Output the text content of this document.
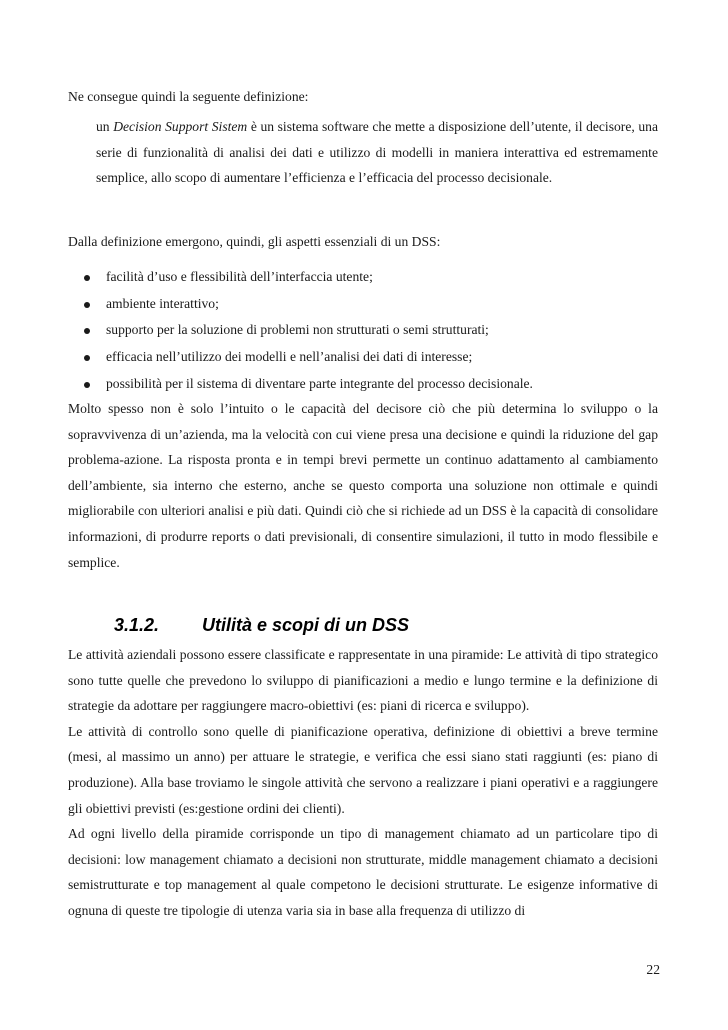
Ne consegue quindi la seguente definizione:

un Decision Support Sistem è un sistema software che mette a disposizione dell’utente, il decisore, una serie di funzionalità di analisi dei dati e utilizzo di modelli in maniera interattiva ed estremamente semplice, allo scopo di aumentare l’efficienza e l’efficacia del processo decisionale.

Dalla definizione emergono, quindi, gli aspetti essenziali di un DSS:

facilità d’uso e flessibilità dell’interfaccia utente;
ambiente interattivo;
supporto per la soluzione di problemi non strutturati o semi strutturati;
efficacia nell’utilizzo dei modelli e nell’analisi dei dati di interesse;
possibilità per il sistema di diventare parte integrante del processo decisionale.

Molto spesso non è solo l’intuito o le capacità del decisore ciò che più determina lo sviluppo o la sopravvivenza di un’azienda, ma la velocità con cui viene presa una decisione e quindi la riduzione del gap problema-azione. La risposta pronta e in tempi brevi permette un continuo adattamento al cambiamento dell’ambiente, sia interno che esterno, anche se questo comporta una soluzione non ottimale e quindi migliorabile con ulteriori analisi e più dati. Quindi ciò che si richiede ad un DSS è la capacità di consolidare informazioni, di produrre reports o dati previsionali, di consentire simulazioni, il tutto in modo flessibile e semplice.

3.1.2. Utilità e scopi di un DSS

Le attività aziendali possono essere classificate e rappresentate in una piramide: Le attività di tipo strategico sono tutte quelle che prevedono lo sviluppo di pianificazioni a medio e lungo termine e la definizione di strategie da adottare per raggiungere macro-obiettivi (es: piani di ricerca e sviluppo).

Le attività di controllo sono quelle di pianificazione operativa, definizione di obiettivi a breve termine (mesi, al massimo un anno) per attuare le strategie, e verifica che essi siano stati raggiunti (es: piano di produzione). Alla base troviamo le singole attività che servono a realizzare i piani operativi e a raggiungere gli obiettivi previsti (es:gestione ordini dei clienti).

Ad ogni livello della piramide corrisponde un tipo di management chiamato ad un particolare tipo di decisioni: low management chiamato a decisioni non strutturate, middle management chiamato a decisioni semistrutturate e top management al quale competono le decisioni strutturate. Le esigenze informative di ognuna di queste tre tipologie di utenza varia sia in base alla frequenza di utilizzo di

22
